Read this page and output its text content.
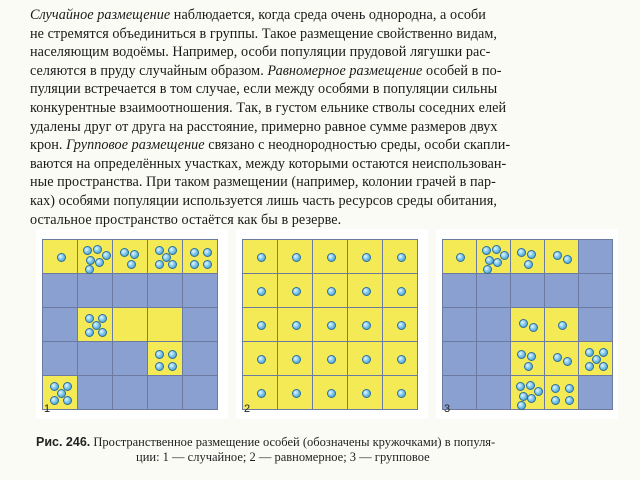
Случайное размещение наблюдается, когда среда очень однородна, а особи
не стремятся объединиться в группы. Такое размещение свойственно видам,
населяющим водоёмы. Например, особи популяции прудовой лягушки рас-
селяются в пруду случайным образом. Равномерное размещение особей в по-
пуляции встречается в том случае, если между особями в популяции сильны
конкурентные взаимоотношения. Так, в густом ельнике стволы соседних елей
удалены друг от друга на расстояние, примерно равное сумме размеров двух
крон. Групповое размещение связано с неоднородностью среды, особи скапли-
ваются на определённых участках, между которыми остаются неиспользован-
ные пространства. При таком размещении (например, колонии грачей в пар-
ках) особями популяции используется лишь часть ресурсов среды обитания,
остальное пространство остаётся как бы в резерве.
1	2	3
Рис. 246. Пространственное размещение особей (обозначены кружочками) в популя-
ции: 1 — случайное; 2 — равномерное; 3 — групповое
